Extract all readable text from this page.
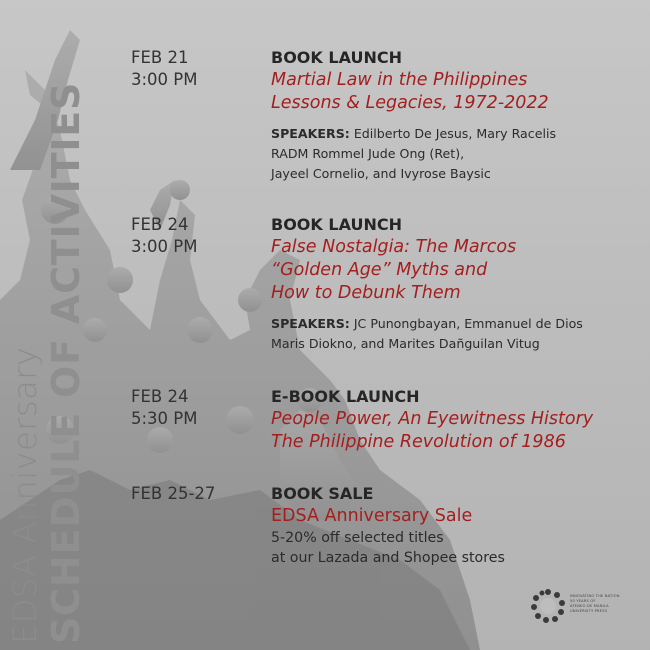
EDSA Anniversary SCHEDULE OF ACTIVITIES
FEB 21
3:00 PM
BOOK LAUNCH
Martial Law in the Philippines
Lessons & Legacies, 1972-2022
SPEAKERS: Edilberto De Jesus, Mary Racelis
RADM Rommel Jude Ong (Ret),
Jayeel Cornelio, and Ivyrose Baysic
FEB 24
3:00 PM
BOOK LAUNCH
False Nostalgia: The Marcos
“Golden Age” Myths and
How to Debunk Them
SPEAKERS: JC Punongbayan, Emmanuel de Dios
Maris Diokno, and Marites Dañguilan Vitug
FEB 24
5:30 PM
E-BOOK LAUNCH
People Power, An Eyewitness History
The Philippine Revolution of 1986
FEB 25-27	BOOK SALE
EDSA Anniversary Sale
5-20% off selected titles
at our Lazada and Shopee stores
INNOVATING THE NATION
50 YEARS OF
ATENEO DE MANILA
UNIVERSITY PRESS
